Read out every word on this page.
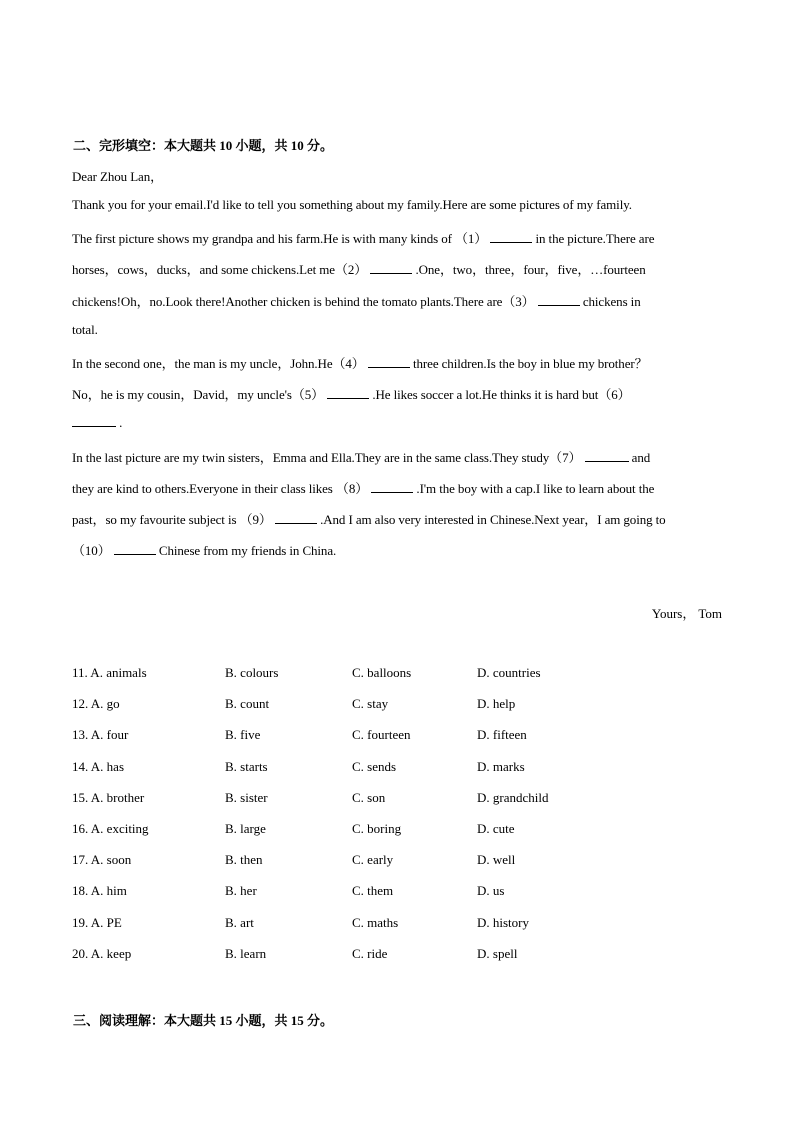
二、完形填空：本大题共 10 小题，共 10 分。
Dear Zhou Lan，
Thank you for your email.I'd like to tell you something about my family.Here are some pictures of my family.
The first picture shows my grandpa and his farm.He is with many kinds of （1）	in the picture.There are
horses，cows，ducks，and some chickens.Let me（2）	.One，two，three，four，five，…fourteen
chickens!Oh，no.Look there!Another chicken is behind the tomato plants.There are（3）	chickens in
total.
In the second one，the man is my uncle，John.He（4）	three children.Is the boy in blue my brother？
No，he is my cousin，David，my uncle's（5）	.He likes soccer a lot.He thinks it is hard but（6）
.
In the last picture are my twin sisters，Emma and Ella.They are in the same class.They study（7）	and
they are kind to others.Everyone in their class likes （8）	.I'm the boy with a cap.I like to learn about the
past，so my favourite subject is （9）	.And I am also very interested in Chinese.Next year，I am going to
（10）	Chinese from my friends in China.
Yours， Tom
11. A. animals	B. colours	C. balloons	D. countries
12. A. go	B. count	C. stay	D. help
13. A. four	B. five	C. fourteen	D. fifteen
14. A. has	B. starts	C. sends	D. marks
15. A. brother	B. sister	C. son	D. grandchild
16. A. exciting	B. large	C. boring	D. cute
17. A. soon	B. then	C. early	D. well
18. A. him	B. her	C. them	D. us
19. A. PE	B. art	C. maths	D. history
20. A. keep	B. learn	C. ride	D. spell
三、阅读理解：本大题共 15 小题，共 15 分。
